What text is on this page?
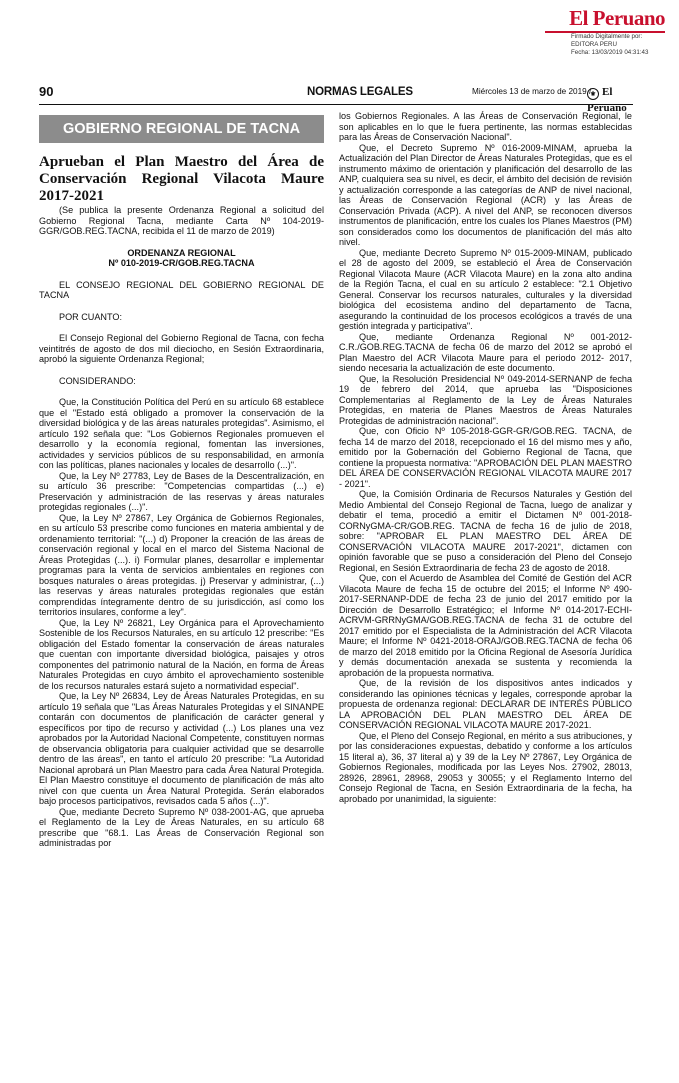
El Peruano
Firmado Digitalmente por:
EDITORA PERU
Fecha: 13/03/2019 04:31:43
90	NORMAS LEGALES	Miércoles 13 de marzo de 2019 /
⚜ El Peruano
GOBIERNO REGIONAL DE TACNA

Aprueban el Plan Maestro del Área de Conservación Regional Vilacota Maure 2017-2021

(Se publica la presente Ordenanza Regional a solicitud del Gobierno Regional Tacna, mediante Carta Nº 104-2019-GGR/GOB.REG.TACNA, recibida el 11 de marzo de 2019)

ORDENANZA REGIONAL

Nº 010-2019-CR/GOB.REG.TACNA

EL CONSEJO REGIONAL DEL GOBIERNO REGIONAL DE TACNA

POR CUANTO:

El Consejo Regional del Gobierno Regional de Tacna, con fecha veintitrés de agosto de dos mil dieciocho, en Sesión Extraordinaria, aprobó la siguiente Ordenanza Regional;

CONSIDERANDO:

Que, la Constitución Política del Perú en su artículo 68 establece que el "Estado está obligado a promover la conservación de la diversidad biológica y de las áreas naturales protegidas". Asimismo, el artículo 192 señala que: "Los Gobiernos Regionales promueven el desarrollo y la economía regional, fomentan las inversiones, actividades y servicios públicos de su responsabilidad, en armonía con las políticas, planes nacionales y locales de desarrollo (...)".

Que, la Ley Nº 27783, Ley de Bases de la Descentralización, en su artículo 36 prescribe: "Competencias compartidas (...) e) Preservación y administración de las reservas y áreas naturales protegidas regionales (...)".

Que, la Ley Nº 27867, Ley Orgánica de Gobiernos Regionales, en su artículo 53 prescribe como funciones en materia ambiental y de ordenamiento territorial: "(...) d) Proponer la creación de las áreas de conservación regional y local en el marco del Sistema Nacional de Áreas Protegidas (...). i) Formular planes, desarrollar e implementar programas para la venta de servicios ambientales en regiones con bosques naturales o áreas protegidas. j) Preservar y administrar, (...) las reservas y áreas naturales protegidas regionales que están comprendidas íntegramente dentro de su jurisdicción, así como los territorios insulares, conforme a ley".

Que, la Ley Nº 26821, Ley Orgánica para el Aprovechamiento Sostenible de los Recursos Naturales, en su artículo 12 prescribe: "Es obligación del Estado fomentar la conservación de áreas naturales que cuentan con importante diversidad biológica, paisajes y otros componentes del patrimonio natural de la Nación, en forma de Áreas Naturales Protegidas en cuyo ámbito el aprovechamiento sostenible de los recursos naturales estará sujeto a normatividad especial".

Que, la Ley Nº 26834, Ley de Áreas Naturales Protegidas, en su artículo 19 señala que "Las Áreas Naturales Protegidas y el SINANPE contarán con documentos de planificación de carácter general y específicos por tipo de recurso y actividad (...) Los planes una vez aprobados por la Autoridad Nacional Competente, constituyen normas de observancia obligatoria para cualquier actividad que se desarrolle dentro de las áreas", en tanto el artículo 20 prescribe: "La Autoridad Nacional aprobará un Plan Maestro para cada Área Natural Protegida. El Plan Maestro constituye el documento de planificación de más alto nivel con que cuenta un Área Natural Protegida. Serán elaborados bajo procesos participativos, revisados cada 5 años (...)".

Que, mediante Decreto Supremo Nº 038-2001-AG, que aprueba el Reglamento de la Ley de Áreas Naturales, en su artículo 68 prescribe que "68.1. Las Áreas de Conservación Regional son administradas por

los Gobiernos Regionales. A las Áreas de Conservación Regional, le son aplicables en lo que le fuera pertinente, las normas establecidas para las Áreas de Conservación Nacional".

Que, el Decreto Supremo Nº 016-2009-MINAM, aprueba la Actualización del Plan Director de Áreas Naturales Protegidas, que es el instrumento máximo de orientación y planificación del desarrollo de las ANP, cualquiera sea su nivel, es decir, el ámbito del decisión de revisión y actualización corresponde a las categorías de ANP de nivel nacional, las Áreas de Conservación Regional (ACR) y las Áreas de Conservación Privada (ACP). A nivel del ANP, se reconocen diversos instrumentos de planificación, entre los cuales los Planes Maestros (PM) son considerados como los documentos de planificación del más alto nivel.

Que, mediante Decreto Supremo Nº 015-2009-MINAM, publicado el 28 de agosto del 2009, se estableció el Área de Conservación Regional Vilacota Maure (ACR Vilacota Maure) en la zona alto andina de la Región Tacna, el cual en su artículo 2 establece: "2.1 Objetivo General. Conservar los recursos naturales, culturales y la diversidad biológica del ecosistema andino del departamento de Tacna, asegurando la continuidad de los procesos ecológicos a través de una gestión integrada y participativa".

Que, mediante Ordenanza Regional Nº 001-2012-C.R./GOB.REG.TACNA de fecha 06 de marzo del 2012 se aprobó el Plan Maestro del ACR Vilacota Maure para el periodo 2012- 2017, siendo necesaria la actualización de este documento.

Que, la Resolución Presidencial Nº 049-2014-SERNANP de fecha 19 de febrero del 2014, que aprueba las "Disposiciones Complementarias al Reglamento de la Ley de Áreas Naturales Protegidas, en materia de Planes Maestros de Áreas Naturales Protegidas de administración nacional".

Que, con Oficio Nº 105-2018-GGR-GR/GOB.REG. TACNA, de fecha 14 de marzo del 2018, recepcionado el 16 del mismo mes y año, emitido por la Gobernación del Gobierno Regional de Tacna, que contiene la propuesta normativa: "APROBACIÓN DEL PLAN MAESTRO DEL ÁREA DE CONSERVACIÓN REGIONAL VILACOTA MAURE 2017 - 2021".

Que, la Comisión Ordinaria de Recursos Naturales y Gestión del Medio Ambiental del Consejo Regional de Tacna, luego de analizar y debatir el tema, procedió a emitir el Dictamen Nº 001-2018-CORNyGMA-CR/GOB.REG. TACNA de fecha 16 de julio de 2018, sobre: "APROBAR EL PLAN MAESTRO DEL ÁREA DE CONSERVACIÓN VILACOTA MAURE 2017-2021", dictamen con opinión favorable que se puso a consideración del Pleno del Consejo Regional, en Sesión Extraordinaria de fecha 23 de agosto de 2018.

Que, con el Acuerdo de Asamblea del Comité de Gestión del ACR Vilacota Maure de fecha 15 de octubre del 2015; el Informe Nº 490-2017-SERNANP-DDE de fecha 23 de junio del 2017 emitido por la Dirección de Desarrollo Estratégico; el Informe Nº 014-2017-ECHI-ACRVM-GRRNyGMA/GOB.REG.TACNA de fecha 31 de octubre del 2017 emitido por el Especialista de la Administración del ACR Vilacota Maure; el Informe Nº 0421-2018-ORAJ/GOB.REG.TACNA de fecha 06 de marzo del 2018 emitido por la Oficina Regional de Asesoría Jurídica y demás documentación anexada se sustenta y recomienda la aprobación de la propuesta normativa.

Que, de la revisión de los dispositivos antes indicados y considerando las opiniones técnicas y legales, corresponde aprobar la propuesta de ordenanza regional: DECLARAR DE INTERÉS PÚBLICO LA APROBACIÓN DEL PLAN MAESTRO DEL ÁREA DE CONSERVACIÓN REGIONAL VILACOTA MAURE 2017-2021.

Que, el Pleno del Consejo Regional, en mérito a sus atribuciones, y por las consideraciones expuestas, debatido y conforme a los artículos 15 literal a), 36, 37 literal a) y 39 de la Ley Nº 27867, Ley Orgánica de Gobiernos Regionales, modificada por las Leyes Nos. 27902, 28013, 28926, 28961, 28968, 29053 y 30055; y el Reglamento Interno del Consejo Regional de Tacna, en Sesión Extraordinaria de la fecha, ha aprobado por unanimidad, la siguiente:
